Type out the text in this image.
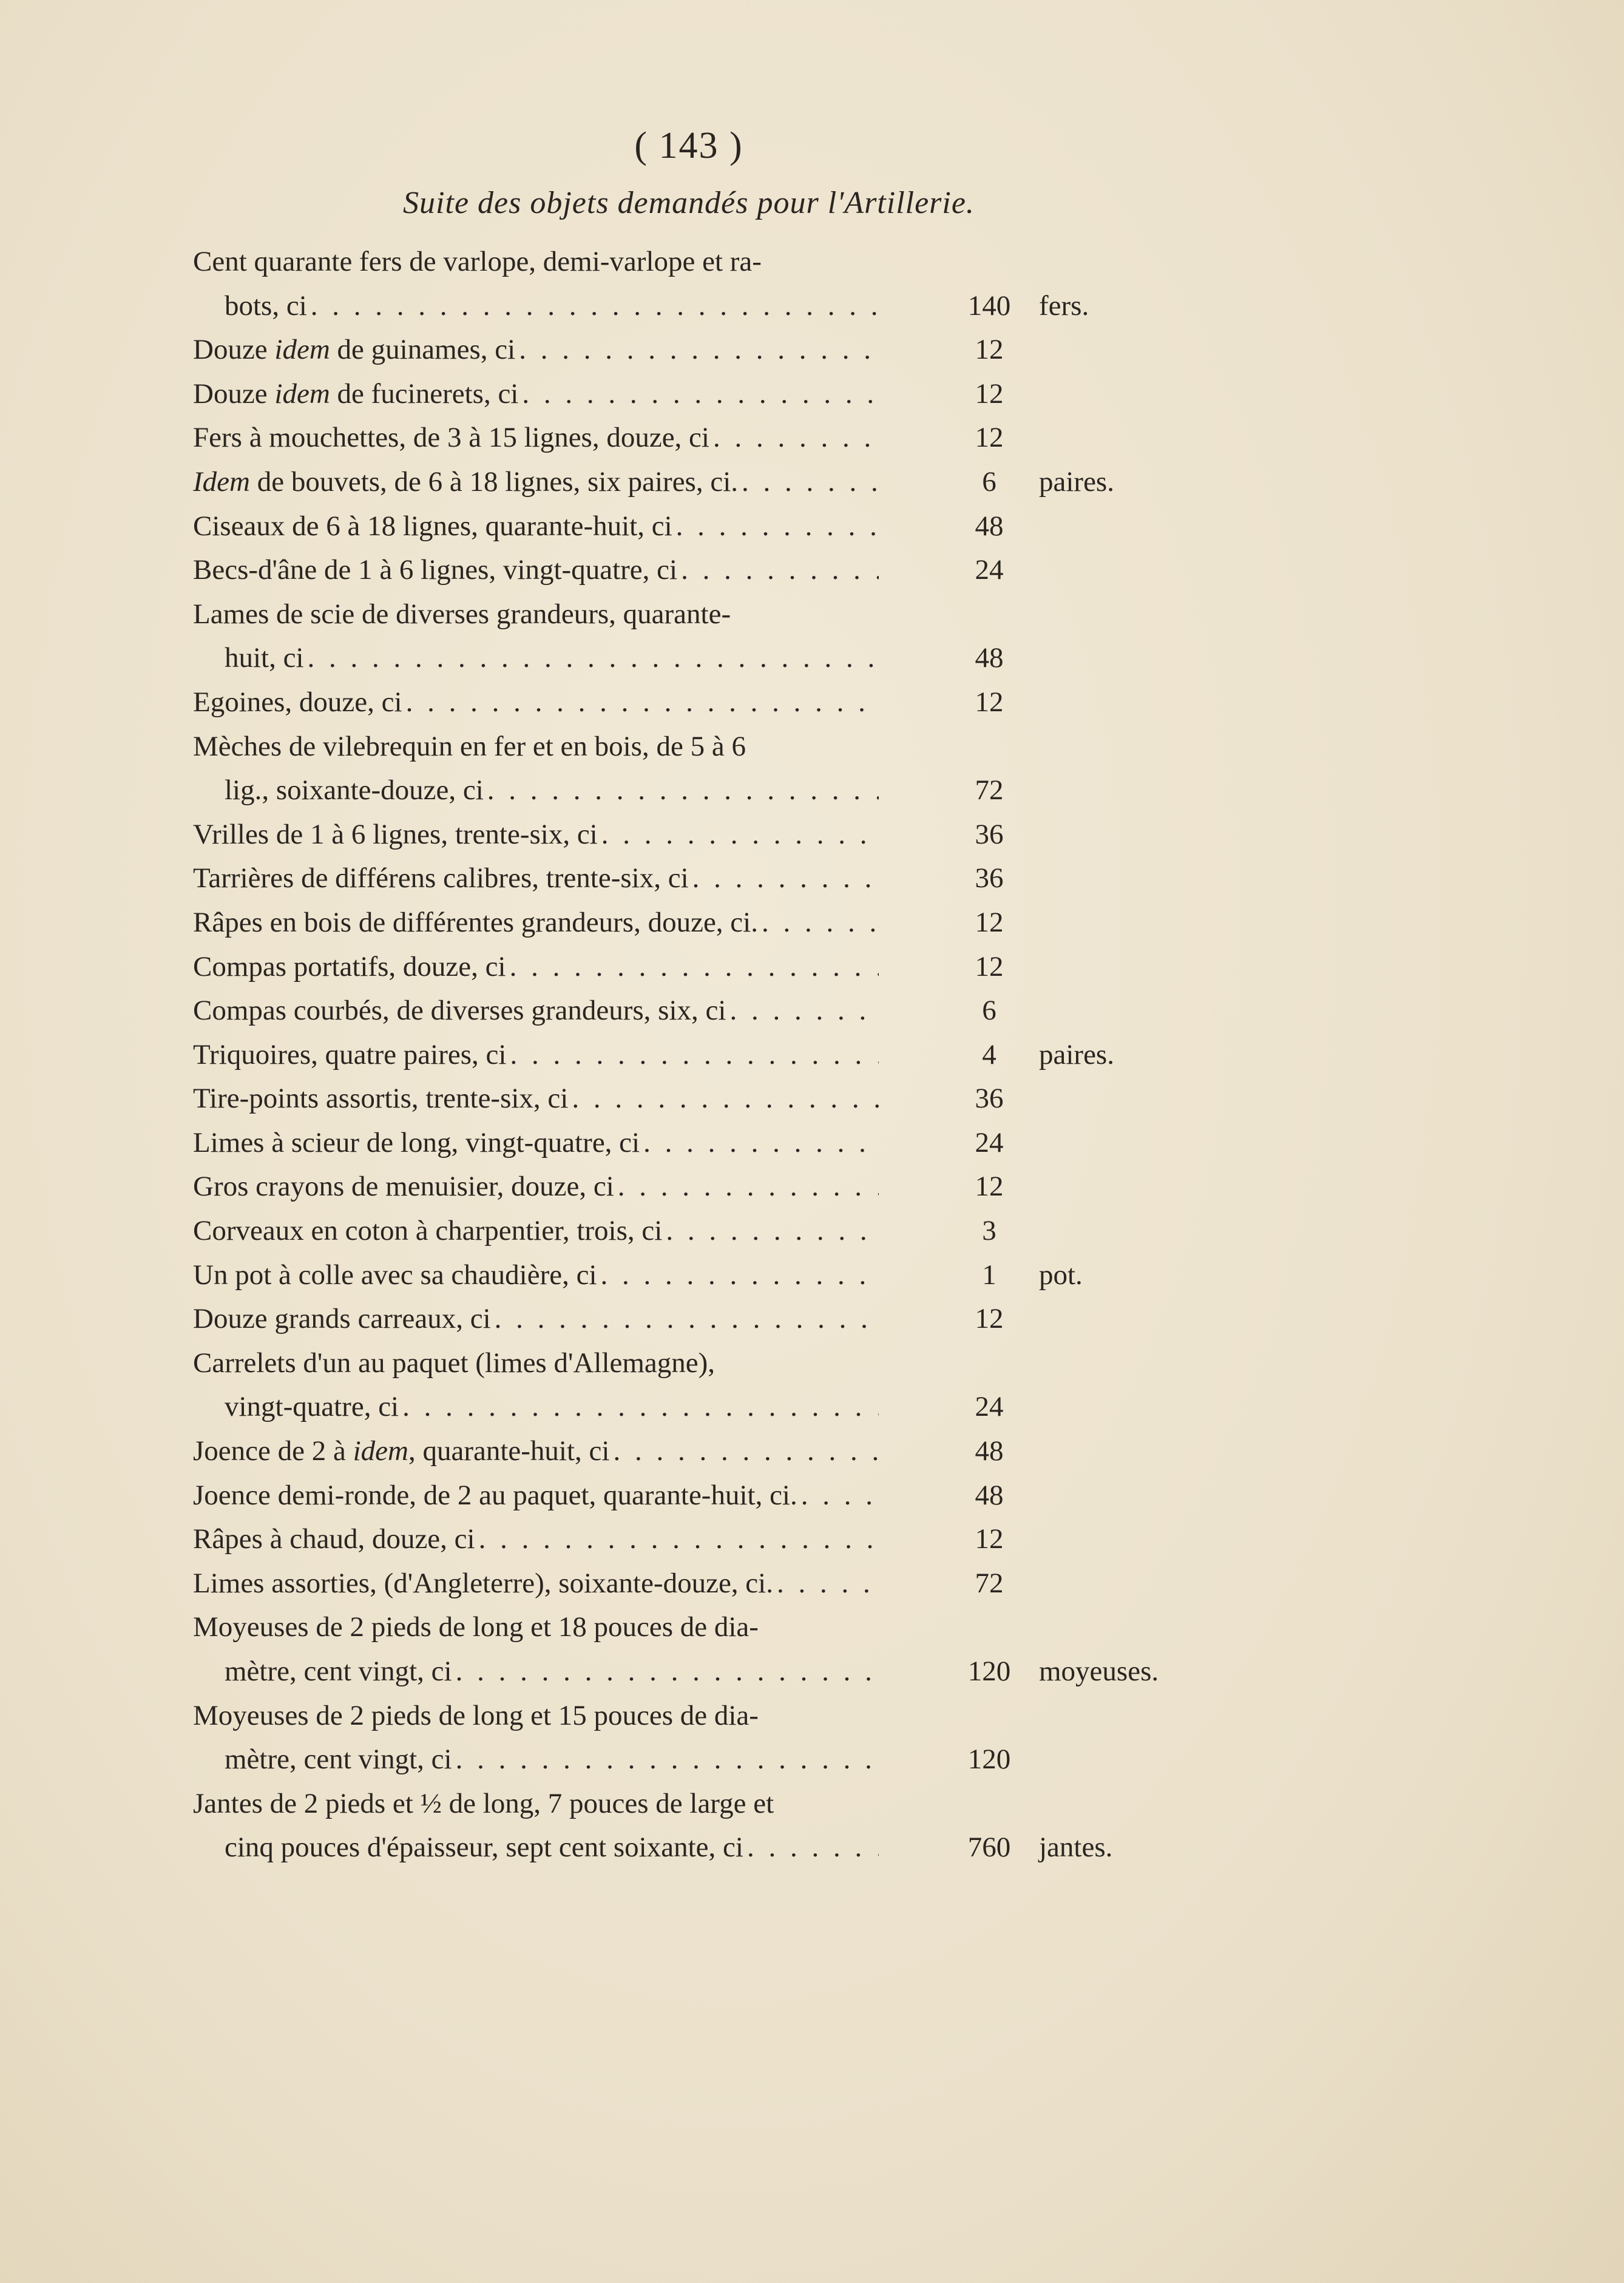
( 143 )
Suite des objets demandés pour l'Artillerie.
Cent quarante fers de varlope, demi-varlope et ra-
bots, ci . . .	140 fers.
Douze idem de guinames, ci . . .	12
Douze idem de fucinerets, ci . . .	12
Fers à mouchettes, de 3 à 15 lignes, douze, ci . . .	12
Idem de bouvets, de 6 à 18 lignes, six paires, ci. . . .	6	paires.
Ciseaux de 6 à 18 lignes, quarante-huit, ci . . .	48
Becs-d'âne de 1 à 6 lignes, vingt-quatre, ci . . .	24
Lames de scie de diverses grandeurs, quarante-
huit, ci . . .	48
Egoines, douze, ci . . .	12
Mèches de vilebrequin en fer et en bois, de 5 à 6
lig., soixante-douze, ci . . .	72
Vrilles de 1 à 6 lignes, trente-six, ci . . .	36
Tarrières de différens calibres, trente-six, ci . . .	36
Râpes en bois de différentes grandeurs, douze, ci. . . .	12
Compas portatifs, douze, ci . . .	12
Compas courbés, de diverses grandeurs, six, ci . . .	6
Triquoires, quatre paires, ci . . .	4	paires.
Tire-points assortis, trente-six, ci . . .	36
Limes à scieur de long, vingt-quatre, ci . . .	24
Gros crayons de menuisier, douze, ci . . .	12
Corveaux en coton à charpentier, trois, ci . . .	3
Un pot à colle avec sa chaudière, ci . . .	1	pot.
Douze grands carreaux, ci . . .	12
Carrelets d'un au paquet (limes d'Allemagne),
vingt-quatre, ci . . .	24
Joence de 2 à idem, quarante-huit, ci . . .	48
Joence demi-ronde, de 2 au paquet, quarante-huit, ci. . . .	48
Râpes à chaud, douze, ci . . .	12
Limes assorties, (d'Angleterre), soixante-douze, ci. . . .	72
Moyeuses de 2 pieds de long et 18 pouces de dia-
mètre, cent vingt, ci . . .	120 moyeuses.
Moyeuses de 2 pieds de long et 15 pouces de dia-
mètre, cent vingt, ci . . .	120
Jantes de 2 pieds et ½ de long, 7 pouces de large et
cinq pouces d'épaisseur, sept cent soixante, ci . . .	760 jantes.
